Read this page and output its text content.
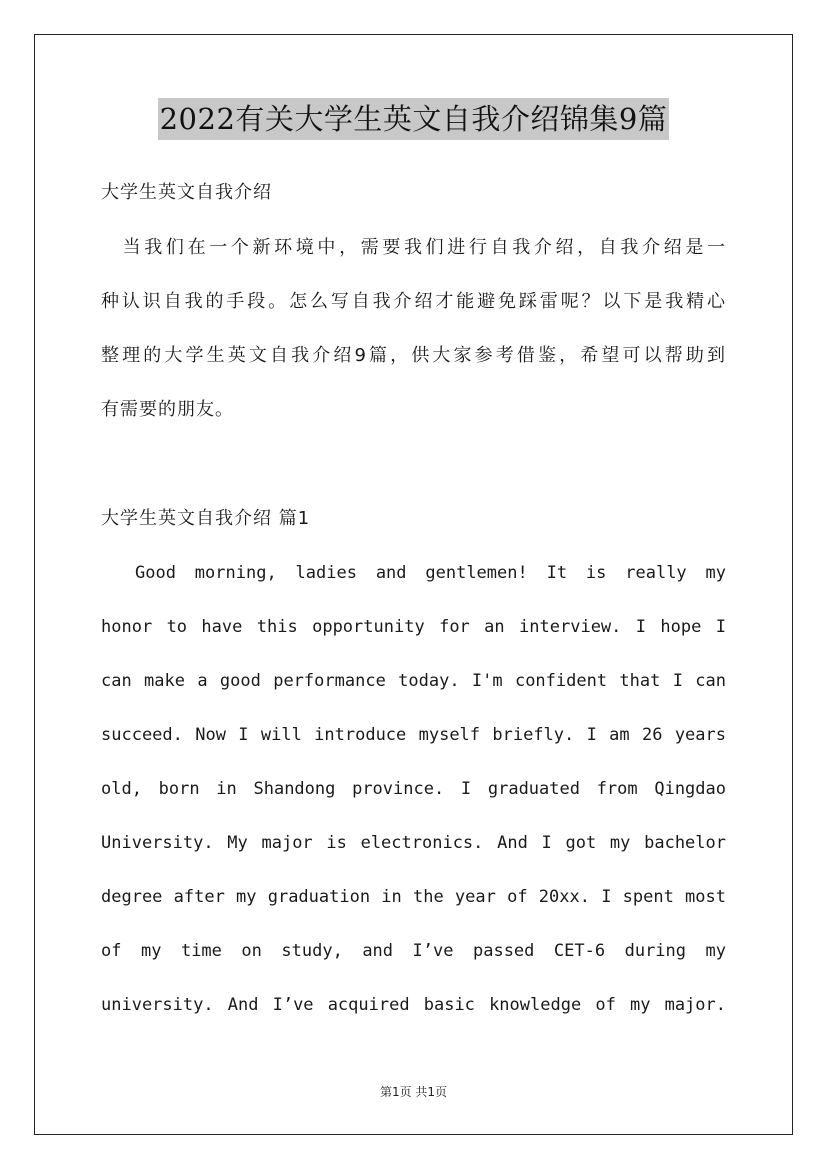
2022有关大学生英文自我介绍锦集9篇
大学生英文自我介绍
　当我们在一个新环境中，需要我们进行自我介绍，自我介绍是一
种认识自我的手段。怎么写自我介绍才能避免踩雷呢？以下是我精心
整理的大学生英文自我介绍9篇，供大家参考借鉴，希望可以帮助到
有需要的朋友。
大学生英文自我介绍 篇1
Good morning, ladies and gentlemen! It is really my
honor to have this opportunity for an interview. I hope I
can make a good performance today. I'm confident that I can
succeed. Now I will introduce myself briefly. I am 26 years
old, born in Shandong province. I graduated from Qingdao
University. My major is electronics. And I got my bachelor
degree after my graduation in the year of 20xx. I spent most
of my time on study, and I’ve passed CET-6 during my
university. And I’ve acquired basic knowledge of my major.
第1页 共1页
